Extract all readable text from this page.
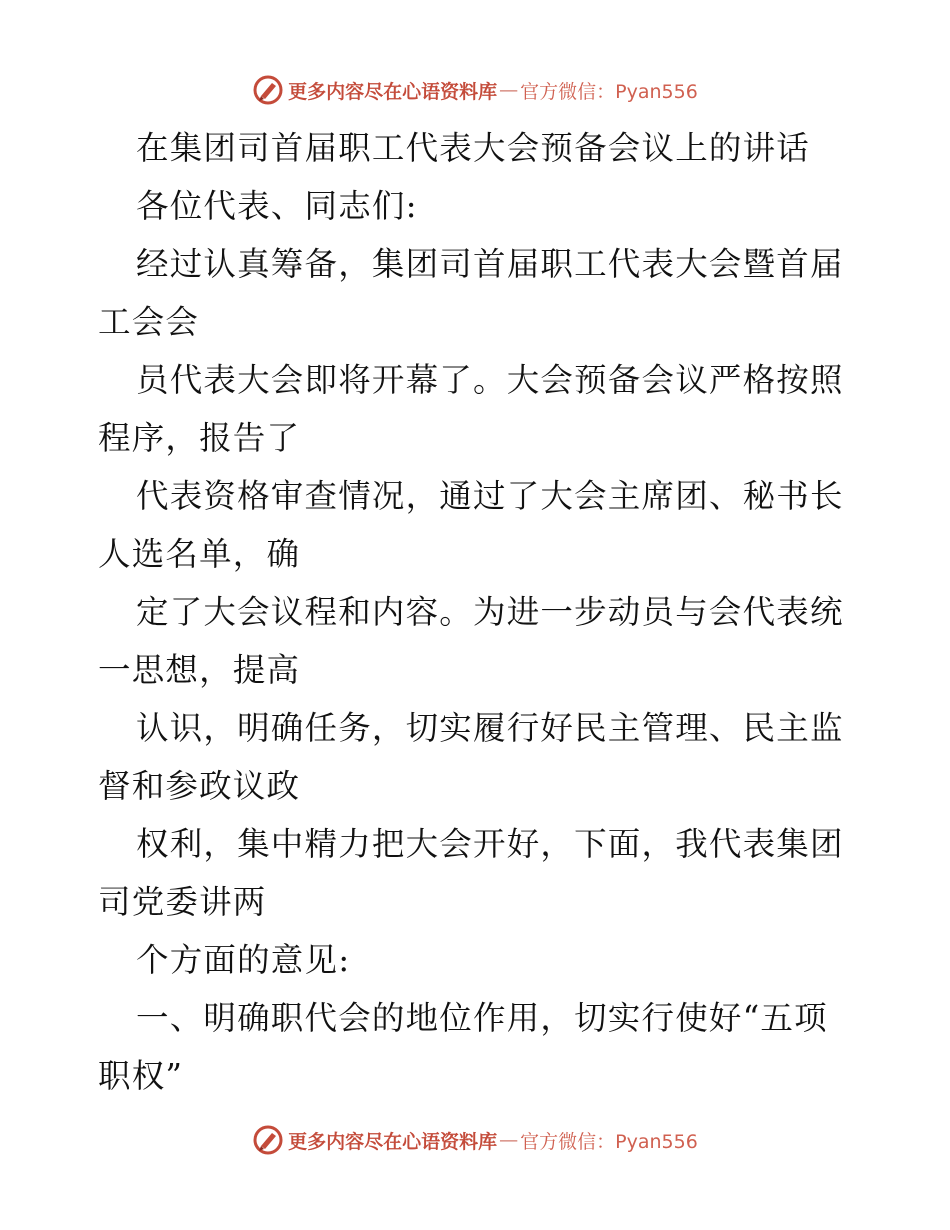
更多内容尽在心语资料库 — 官方微信：Pyan556
在集团司首届职工代表大会预备会议上的讲话
各位代表、同志们:
经过认真筹备，集团司首届职工代表大会暨首届
工会会
员代表大会即将开幕了。大会预备会议严格按照
程序，报告了
代表资格审查情况，通过了大会主席团、秘书长
人选名单，确
定了大会议程和内容。为进一步动员与会代表统
一思想，提高
认识，明确任务，切实履行好民主管理、民主监
督和参政议政
权利，集中精力把大会开好，下面，我代表集团
司党委讲两
个方面的意见:
一、明确职代会的地位作用，切实行使好“五项
职权”
更多内容尽在心语资料库 — 官方微信：Pyan556
